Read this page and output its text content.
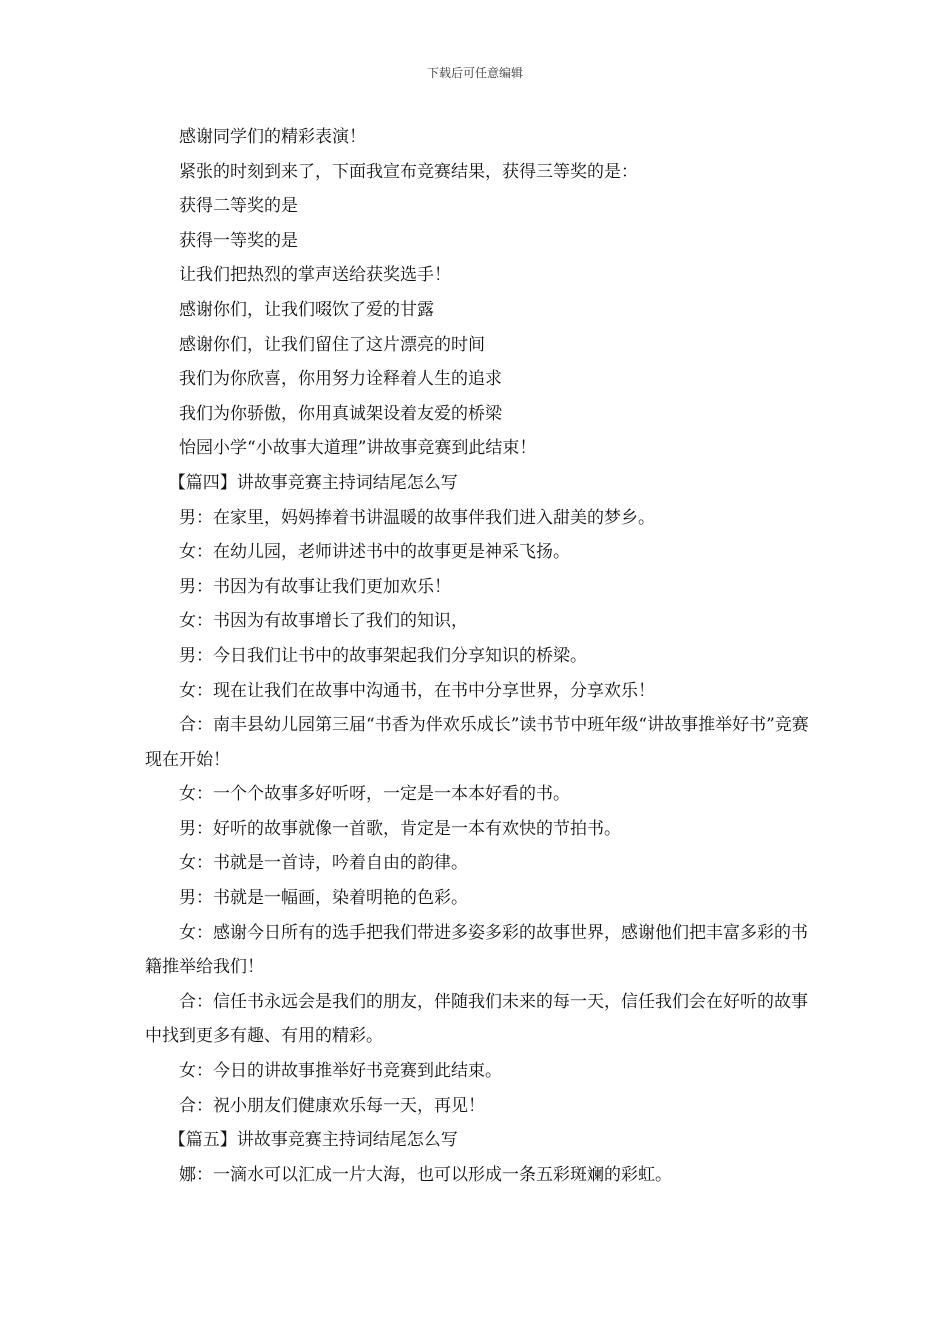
下载后可任意编辑

感谢同学们的精彩表演！

紧张的时刻到来了，下面我宣布竞赛结果，获得三等奖的是：

获得二等奖的是

获得一等奖的是

让我们把热烈的掌声送给获奖选手！

感谢你们，让我们啜饮了爱的甘露

感谢你们，让我们留住了这片漂亮的时间

我们为你欣喜，你用努力诠释着人生的追求

我们为你骄傲，你用真诚架设着友爱的桥梁

怡园小学“小故事大道理”讲故事竞赛到此结束！

【篇四】讲故事竞赛主持词结尾怎么写

男：在家里，妈妈捧着书讲温暖的故事伴我们进入甜美的梦乡。

女：在幼儿园，老师讲述书中的故事更是神采飞扬。

男：书因为有故事让我们更加欢乐！

女：书因为有故事增长了我们的知识，

男：今日我们让书中的故事架起我们分享知识的桥梁。

女：现在让我们在故事中沟通书，在书中分享世界，分享欢乐！

合：南丰县幼儿园第三届“书香为伴欢乐成长”读书节中班年级“讲故事推举好书”竞赛现在开始！

女：一个个故事多好听呀，一定是一本本好看的书。

男：好听的故事就像一首歌，肯定是一本有欢快的节拍书。

女：书就是一首诗，吟着自由的韵律。

男：书就是一幅画，染着明艳的色彩。

女：感谢今日所有的选手把我们带进多姿多彩的故事世界，感谢他们把丰富多彩的书籍推举给我们！

合：信任书永远会是我们的朋友，伴随我们未来的每一天，信任我们会在好听的故事中找到更多有趣、有用的精彩。

女：今日的讲故事推举好书竞赛到此结束。

合：祝小朋友们健康欢乐每一天，再见！

【篇五】讲故事竞赛主持词结尾怎么写

娜：一滴水可以汇成一片大海，也可以形成一条五彩斑斓的彩虹。
